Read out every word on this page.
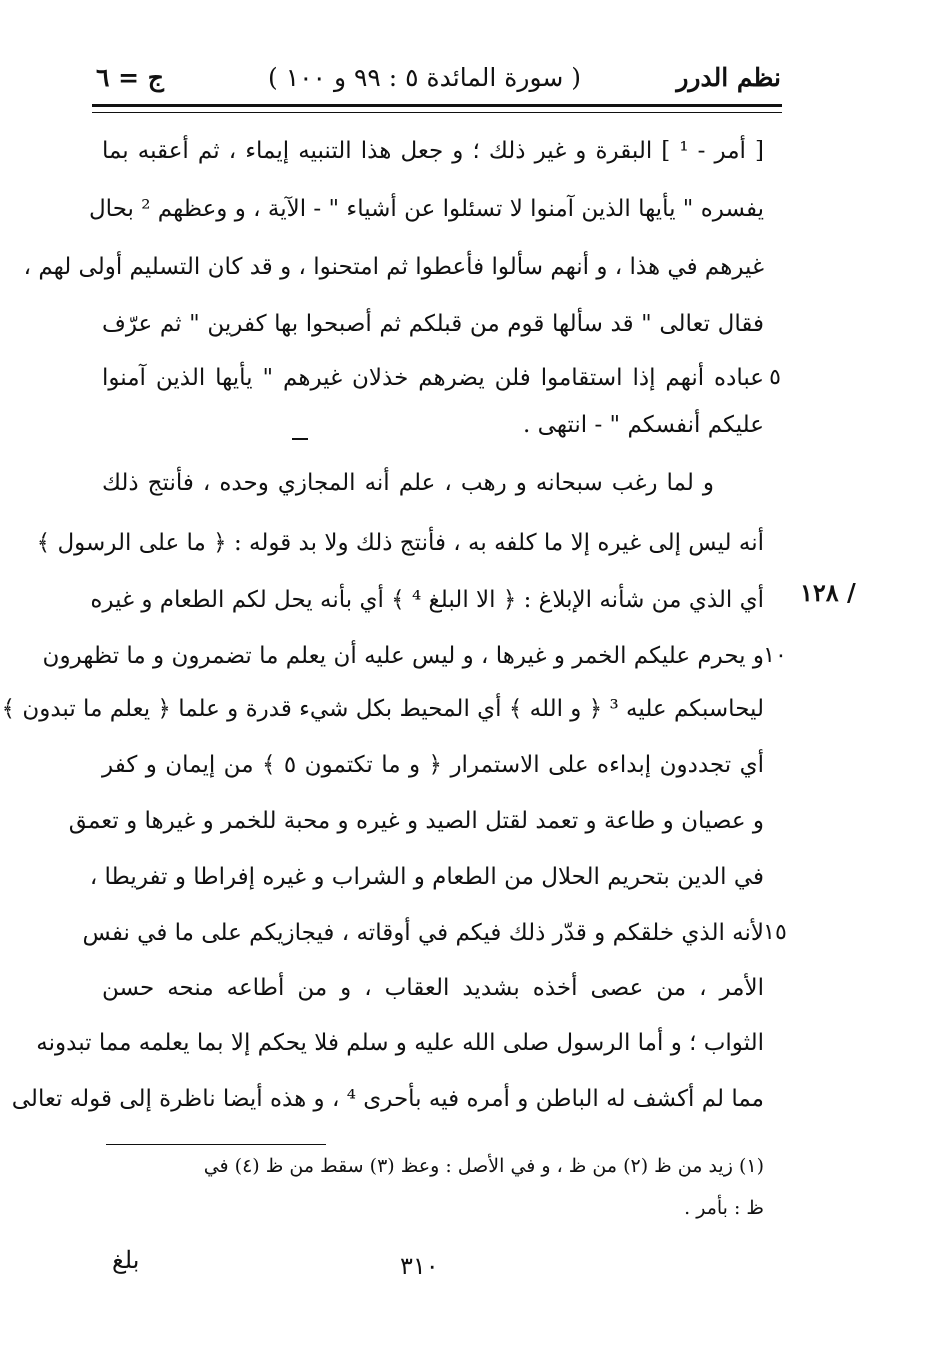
نظم الدرر
( سورة المائدة ٥ : ٩٩ و ١٠٠ )
ج = ٦
[ أمر - ¹ ] البقرة و غير ذلك ؛ و جعل هذا التنبيه إيماء ، ثم أعقبه بما
يفسره " يأيها الذين آمنوا لا تسئلوا عن أشياء " - الآية ، و وعظهم ² بحال
غيرهم في هذا ، و أنهم سألوا فأعطوا ثم امتحنوا ، و قد كان التسليم أولى لهم ،
فقال تعالى " قد سألها قوم من قبلكم ثم أصبحوا بها كفرين " ثم عرّف
عباده أنهم إذا استقاموا فلن يضرهم خذلان غيرهم " يأيها الذين آمنوا
عليكم أنفسكم " - انتهى .
و لما رغب سبحانه و رهب ، علم أنه المجازي وحده ، فأنتج ذلك
أنه ليس إلى غيره إلا ما كلفه به ، فأنتج ذلك ولا بد قوله : ﴿ ما على الرسول ﴾
أي الذي من شأنه الإبلاغ : ﴿ الا البلغ ⁴ ﴾ أي بأنه يحل لكم الطعام و غيره
و يحرم عليكم الخمر و غيرها ، و ليس عليه أن يعلم ما تضمرون و ما تظهرون
ليحاسبكم عليه ³ ﴿ و الله ﴾ أي المحيط بكل شيء قدرة و علما ﴿ يعلم ما تبدون ﴾
أي تجددون إبداءه على الاستمرار ﴿ و ما تكتمون ٥ ﴾ من إيمان و كفر
و عصيان و طاعة و تعمد لقتل الصيد و غيره و محبة للخمر و غيرها و تعمق
في الدين بتحريم الحلال من الطعام و الشراب و غيره إفراطا و تفريطا ،
لأنه الذي خلقكم و قدّر ذلك فيكم في أوقاته ، فيجازيكم على ما في نفس
الأمر ، من عصى أخذه بشديد العقاب ، و من أطاعه منحه حسن
الثواب ؛ و أما الرسول صلى الله عليه و سلم فلا يحكم إلا بما يعلمه مما تبدونه
مما لم أكشف له الباطن و أمره فيه بأحرى ⁴ ، و هذه أيضا ناظرة إلى قوله تعالى
٥
١٠
١٥
١٢٨ /
(١) زيد من ظ (٢) من ظ ، و في الأصل : وعظ (٣) سقط من ظ (٤) في
ظ : بأمر .
بلغ	٣١٠
